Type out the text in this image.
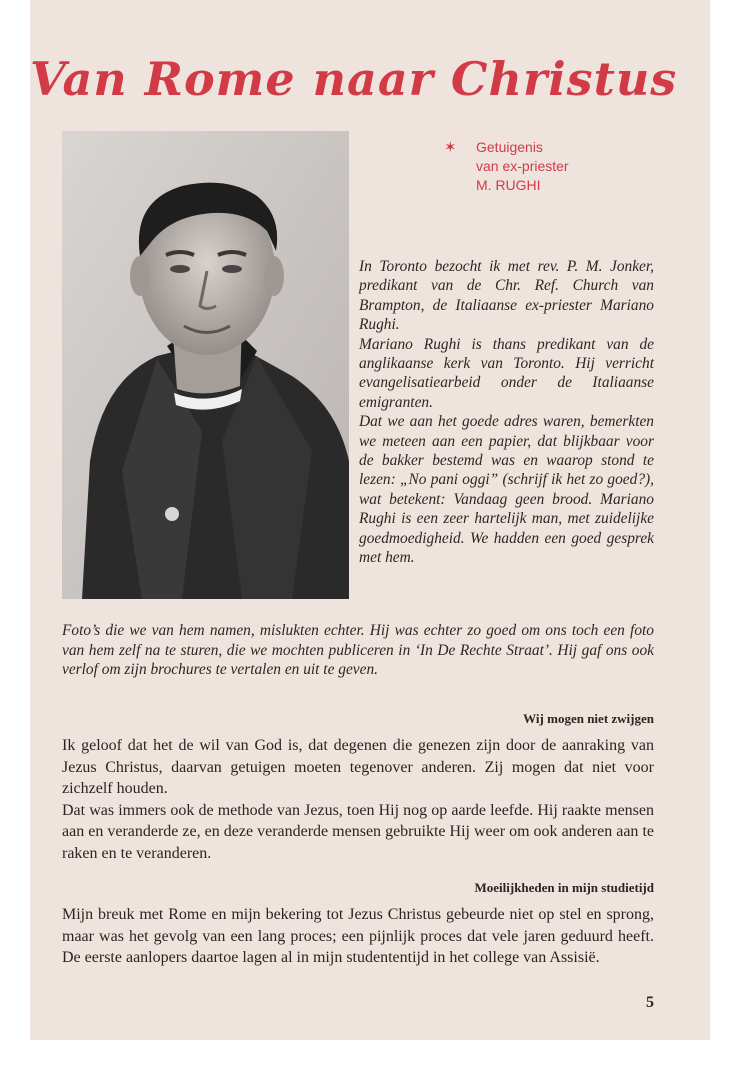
Van Rome naar Christus
✶ Getuigenis
van ex-priester
M. RUGHI

In Toronto bezocht ik met rev. P. M. Jonker, predikant van de Chr. Ref. Church van Brampton, de Italiaanse ex-priester Mariano Rughi.

Mariano Rughi is thans predikant van de anglikaanse kerk van Toronto. Hij verricht evangelisatiearbeid onder de Italiaanse emigranten.

Dat we aan het goede adres waren, bemerkten we meteen aan een papier, dat blijkbaar voor de bakker bestemd was en waarop stond te lezen: „No pani oggi” (schrijf ik het zo goed?), wat betekent: Vandaag geen brood. Mariano Rughi is een zeer hartelijk man, met zuidelijke goedmoedigheid. We hadden een goed gesprek met hem.

Foto’s die we van hem namen, mislukten echter. Hij was echter zo goed om ons toch een foto van hem zelf na te sturen, die we mochten publiceren in ‘In De Rechte Straat’. Hij gaf ons ook verlof om zijn brochures te vertalen en uit te geven.

Wij mogen niet zwijgen

Ik geloof dat het de wil van God is, dat degenen die genezen zijn door de aanraking van Jezus Christus, daarvan getuigen moeten tegenover anderen. Zij mogen dat niet voor zichzelf houden.

Dat was immers ook de methode van Jezus, toen Hij nog op aarde leefde. Hij raakte mensen aan en veranderde ze, en deze veranderde mensen gebruikte Hij weer om ook anderen aan te raken en te veranderen.

Moeilijkheden in mijn studietijd

Mijn breuk met Rome en mijn bekering tot Jezus Christus gebeurde niet op stel en sprong, maar was het gevolg van een lang proces; een pijnlijk proces dat vele jaren geduurd heeft. De eerste aanlopers daartoe lagen al in mijn studententijd in het college van Assisië.

5
